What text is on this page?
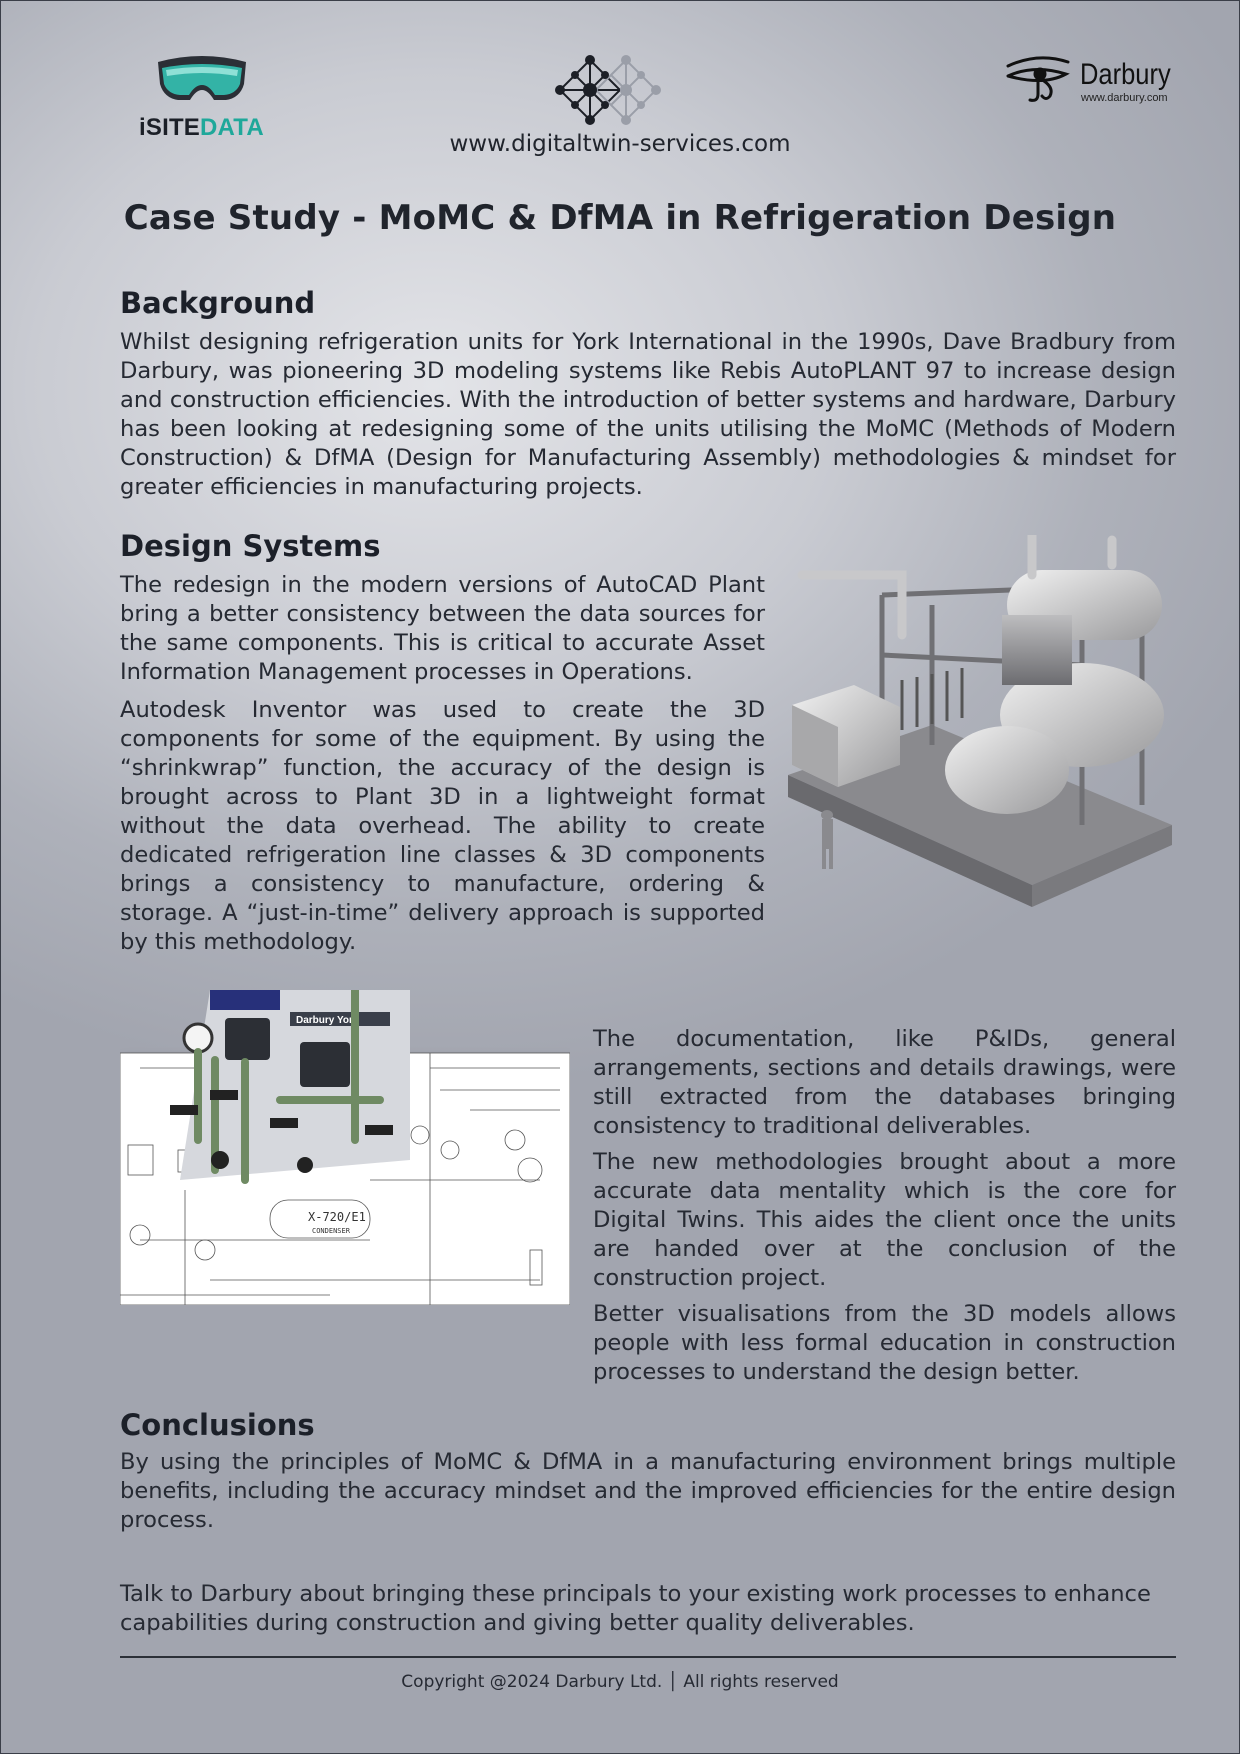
iSITEDATA
www.digitaltwin-services.com
Darbury
www.darbury.com
Case Study - MoMC & DfMA in Refrigeration Design
Background

Whilst designing refrigeration units for York International in the 1990s, Dave Bradbury from Darbury, was pioneering 3D modeling systems like Rebis AutoPLANT 97 to increase design and construction efficiencies. With the introduction of better systems and hardware, Darbury has been looking at redesigning some of the units utilising the MoMC (Methods of Modern Construction) & DfMA (Design for Manufacturing Assembly) methodologies & mindset for greater efficiencies in manufacturing projects.

Design Systems

The redesign in the modern versions of AutoCAD Plant bring a better consistency between the data sources for the same components. This is critical to accurate Asset Information Management processes in Operations.

Autodesk Inventor was used to create the 3D components for some of the equipment. By using the “shrinkwrap” function, the accuracy of the design is brought across to Plant 3D in a lightweight format without the data overhead. The ability to create dedicated refrigeration line classes & 3D components brings a consistency to manufacture, ordering & storage. A “just-in-time” delivery approach is supported by this methodology.

X-720/E1
CONDENSER
Darbury York

The documentation, like P&IDs, general arrangements, sections and details drawings, were still extracted from the databases bringing consistency to traditional deliverables.

The new methodologies brought about a more accurate data mentality which is the core for Digital Twins. This aides the client once the units are handed over at the conclusion of the construction project.

Better visualisations from the 3D models allows people with less formal education in construction processes to understand the design better.

Conclusions

By using the principles of MoMC & DfMA in a manufacturing environment brings multiple benefits, including the accuracy mindset and the improved efficiencies for the entire design process.

Talk to Darbury about bringing these principals to your existing work processes to enhance capabilities during construction and giving better quality deliverables.

Copyright @2024 Darbury Ltd. │ All rights reserved
